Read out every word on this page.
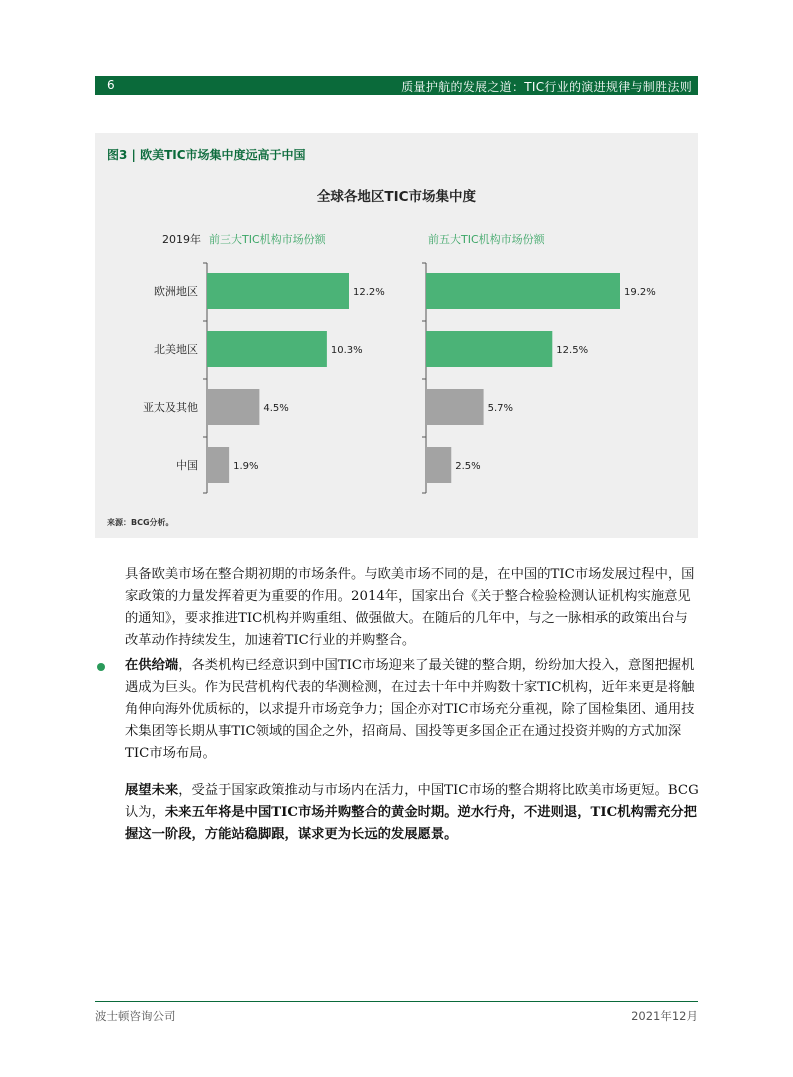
6	质量护航的发展之道：TIC行业的演进规律与制胜法则
图3 | 欧美TIC市场集中度远高于中国
全球各地区TIC市场集中度
2019年
欧洲地区
北美地区
亚太及其他
中国
前三大TIC机构市场份额
12.2%
10.3%
4.5%
1.9%
前五大TIC机构市场份额
19.2%
12.5%
5.7%
2.5%
来源：BCG分析。

具备欧美市场在整合期初期的市场条件。与欧美市场不同的是，在中国的TIC市场发展过程中，国家政策的力量发挥着更为重要的作用。2014年，国家出台《关于整合检验检测认证机构实施意见的通知》，要求推进TIC机构并购重组、做强做大。在随后的几年中，与之一脉相承的政策出台与改革动作持续发生，加速着TIC行业的并购整合。

在供给端，各类机构已经意识到中国TIC市场迎来了最关键的整合期，纷纷加大投入，意图把握机遇成为巨头。作为民营机构代表的华测检测，在过去十年中并购数十家TIC机构，近年来更是将触角伸向海外优质标的，以求提升市场竞争力；国企亦对TIC市场充分重视，除了国检集团、通用技术集团等长期从事TIC领域的国企之外，招商局、国投等更多国企正在通过投资并购的方式加深TIC市场布局。

展望未来，受益于国家政策推动与市场内在活力，中国TIC市场的整合期将比欧美市场更短。BCG认为，未来五年将是中国TIC市场并购整合的黄金时期。逆水行舟，不进则退，TIC机构需充分把握这一阶段，方能站稳脚跟，谋求更为长远的发展愿景。

波士顿咨询公司	2021年12月
